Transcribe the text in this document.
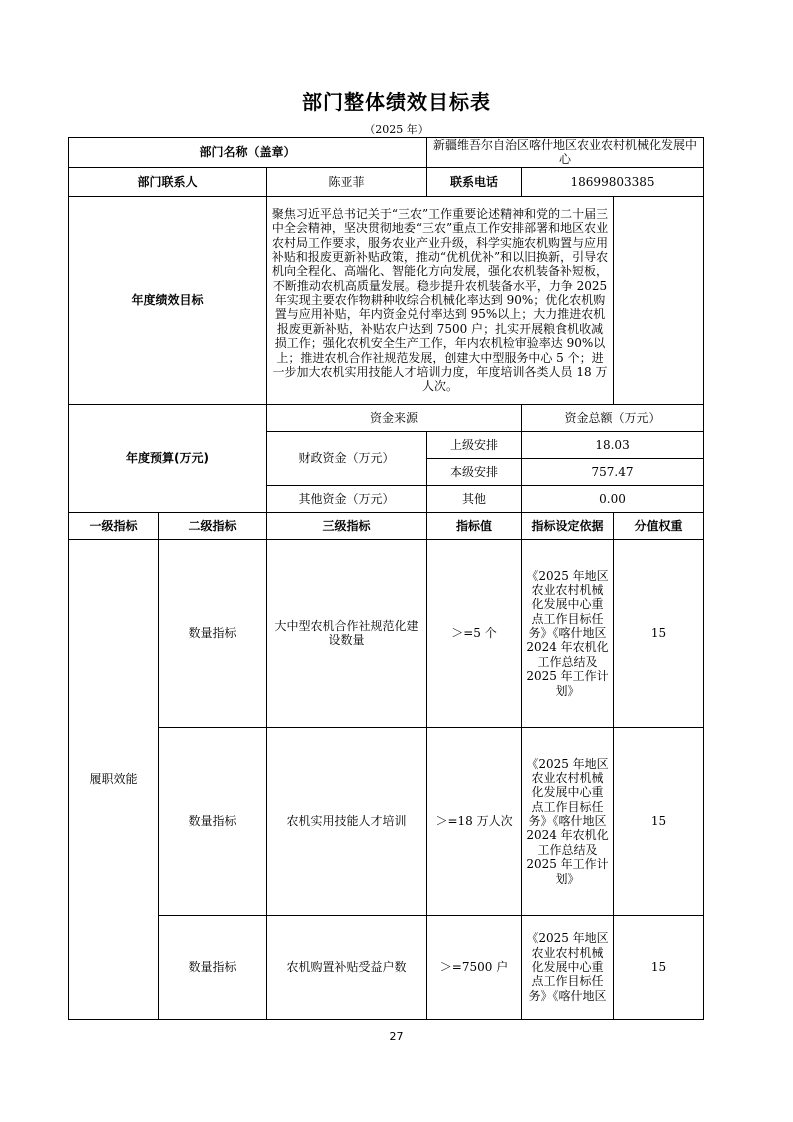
部门整体绩效目标表
（2025 年）
部门名称（盖章）			新疆维吾尔自治区喀什地区农业农村机械化发展中心		
部门联系人		陈亚菲	联系电话	18699803385	
年度绩效目标		聚焦习近平总书记关于“三农”工作重要论述精神和党的二十届三中全会精神，坚决贯彻地委“三农”重点工作安排部署和地区农业农村局工作要求，服务农业产业升级，科学实施农机购置与应用补贴和报废更新补贴政策，推动“优机优补”和以旧换新，引导农机向全程化、高端化、智能化方向发展，强化农机装备补短板，不断推动农机高质量发展。稳步提升农机装备水平，力争 2025 年实现主要农作物耕种收综合机械化率达到 90%；优化农机购置与应用补贴，年内资金兑付率达到 95%以上；大力推进农机报废更新补贴，补贴农户达到 7500 户；扎实开展粮食机收减损工作；强化农机安全生产工作，年内农机检审验率达 90%以上；推进农机合作社规范发展，创建大中型服务中心 5 个；进一步加大农机实用技能人才培训力度，年度培训各类人员 18 万人次。			
年度预算(万元)		资金来源		资金总额（万元）	
		财政资金（万元）	上级安排	18.03	
			本级安排	757.47	
		其他资金（万元）	其他	0.00	
一级指标	二级指标	三级指标	指标值	指标设定依据	分值权重
履职效能	数量指标	大中型农机合作社规范化建设数量	＞=5 个	《2025 年地区农业农村机械化发展中心重点工作目标任务》《喀什地区 2024 年农机化工作总结及 2025 年工作计划》	15
	数量指标	农机实用技能人才培训	＞=18 万人次	《2025 年地区农业农村机械化发展中心重点工作目标任务》《喀什地区 2024 年农机化工作总结及 2025 年工作计划》	15
	数量指标	农机购置补贴受益户数	＞=7500 户	《2025 年地区农业农村机械化发展中心重点工作目标任务》《喀什地区	15
27
